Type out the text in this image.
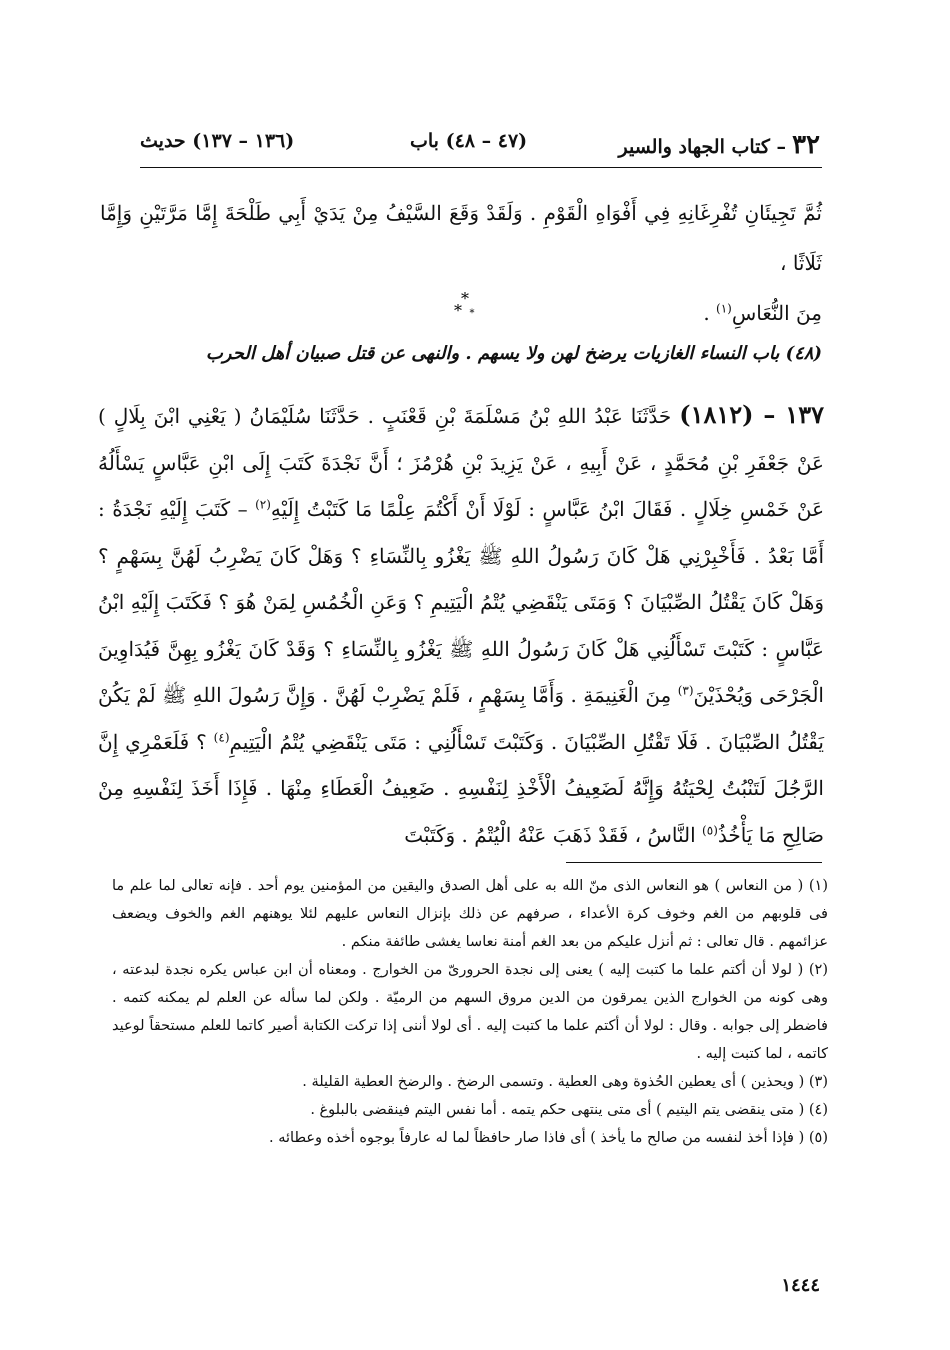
٣٢– كتاب الجهاد والسير
(٤٧ – ٤٨) باب
(١٣٦ – ١٣٧) حديث

ثُمَّ تَجِيئَانِ تُفْرِغَانِهِ فِي أَفْوَاهِ الْقَوْمِ . وَلَقَدْ وَقَعَ السَّيْفُ مِنْ يَدَيْ أَبِي طَلْحَةَ إِمَّا مَرَّتَيْنِ وَإِمَّا ثَلَاثًا ،

مِنَ النُّعَاسِ$^{(١)}$ .

*
* *
(٤٨) باب النساء الغازيات يرضخ لهن ولا يسهم . والنهى عن قتل صبيان أهل الحرب

١٣٧ – (١٨١٢) حَدَّثَنَا عَبْدُ اللهِ بْنُ مَسْلَمَةَ بْنِ قَعْنَبٍ . حَدَّثَنَا سُلَيْمَانُ ( يَعْنِي ابْنَ بِلَالٍ ) عَنْ جَعْفَرِ بْنِ مُحَمَّدٍ ، عَنْ أَبِيهِ ، عَنْ يَزِيدَ بْنِ هُرْمُزَ ؛ أَنَّ نَجْدَةَ كَتَبَ إِلَى ابْنِ عَبَّاسٍ يَسْأَلُهُ عَنْ خَمْسِ خِلَالٍ . فَقَالَ ابْنُ عَبَّاسٍ : لَوْلَا أَنْ أَكْتُمَ عِلْمًا مَا كَتَبْتُ إِلَيْهِ$^{(٢)}$ – كَتَبَ إِلَيْهِ نَجْدَةُ : أَمَّا بَعْدُ . فَأَخْبِرْنِي هَلْ كَانَ رَسُولُ اللهِ ﷺ يَغْزُو بِالنِّسَاءِ ؟ وَهَلْ كَانَ يَضْرِبُ لَهُنَّ بِسَهْمٍ ؟ وَهَلْ كَانَ يَقْتُلُ الصِّبْيَانَ ؟ وَمَتَى يَنْقَضِي يُتْمُ الْيَتِيمِ ؟ وَعَنِ الْخُمُسِ لِمَنْ هُوَ ؟ فَكَتَبَ إِلَيْهِ ابْنُ عَبَّاسٍ : كَتَبْتَ تَسْأَلُنِي هَلْ كَانَ رَسُولُ اللهِ ﷺ يَغْزُو بِالنِّسَاءِ ؟ وَقَدْ كَانَ يَغْزُو بِهِنَّ فَيُدَاوِينَ الْجَرْحَى وَيُحْذَيْنَ$^{(٣)}$ مِنَ الْغَنِيمَةِ . وَأَمَّا بِسَهْمٍ ، فَلَمْ يَضْرِبْ لَهُنَّ . وَإِنَّ رَسُولَ اللهِ ﷺ لَمْ يَكُنْ يَقْتُلُ الصِّبْيَانَ . فَلَا تَقْتُلِ الصِّبْيَانَ . وَكَتَبْتَ تَسْأَلُنِي : مَتَى يَنْقَضِي يُتْمُ الْيَتِيمِ$^{(٤)}$ ؟ فَلَعَمْرِي إِنَّ الرَّجُلَ لَتَنْبُتُ لِحْيَتُهُ وَإِنَّهُ لَضَعِيفُ الْأَخْذِ لِنَفْسِهِ . ضَعِيفُ الْعَطَاءِ مِنْهَا . فَإِذَا أَخَذَ لِنَفْسِهِ مِنْ صَالِحِ مَا يَأْخُذُ$^{(٥)}$ النَّاسُ ، فَقَدْ ذَهَبَ عَنْهُ الْيُتْمُ . وَكَتَبْتَ

(١) ( من النعاس ) هو النعاس الذى منّ الله به على أهل الصدق واليقين من المؤمنين يوم أحد . فإنه تعالى لما علم ما فى قلوبهم من الغم وخوف كرة الأعداء ، صرفهم عن ذلك بإنزال النعاس عليهم لئلا يوهنهم الغم والخوف ويضعف عزائمهم . قال تعالى : ثم أنزل عليكم من بعد الغم أمنة نعاسا يغشى طائفة منكم .

(٢) ( لولا أن أكتم علما ما كتبت إليه ) يعنى إلى نجدة الحرورىّ من الخوارج . ومعناه أن ابن عباس يكره نجدة لبدعته ، وهى كونه من الخوارج الذين يمرقون من الدين مروق السهم من الرميّة . ولكن لما سأله عن العلم لم يمكنه كتمه . فاضطر إلى جوابه . وقال : لولا أن أكتم علما ما كتبت إليه . أى لولا أننى إذا تركت الكتابة أصير كاتما للعلم مستحقاً لوعيد كاتمه ، لما كتبت إليه .

(٣) ( ويحذين ) أى يعطين الحُذوة وهى العطية . وتسمى الرضخ . والرضخ العطية القليلة .

(٤) ( متى ينقضى يتم اليتيم ) أى متى ينتهى حكم يتمه . أما نفس اليتم فينقضى بالبلوغ .

(٥) ( فإذا أخذ لنفسه من صالح ما يأخذ ) أى فاذا صار حافظاً لما له عارفاً بوجوه أخذه وعطائه .

١٤٤٤
